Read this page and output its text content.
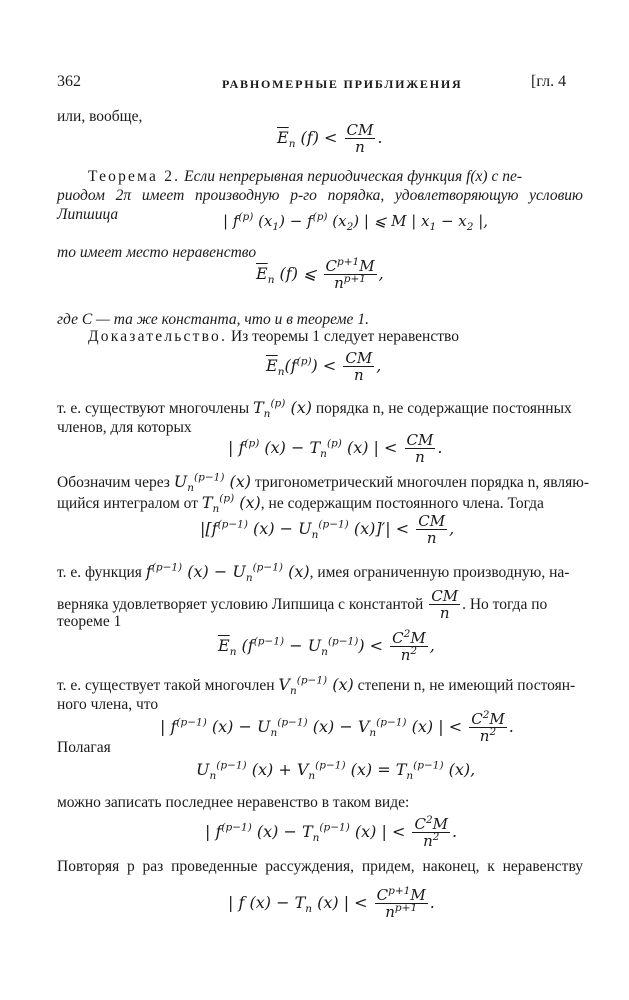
362	РАВНОМЕРНЫЕ ПРИБЛИЖЕНИЯ	[гл. 4
или, вообще,
$\overline{E}_n$ $(f) < \frac{CM}{n}$ .
Теорема 2. Если непрерывная периодическая функция f(x) с пе-
риодом 2π имеет производную p-го порядка, удовлетворяющую условию
Липшица	| $f^{(p)}$ $(x_1) - f^{(p)}$ $(x_2)$ | ⩽ M | $x_1 - x_2$ |,
то имеет место неравенство
$\overline{E}_n$ (f) ⩽ $\frac{C^{p+1}M}{n^{p+1}}$ ,
где C — та же константа, что и в теореме 1.
Доказательство. Из теоремы 1 следует неравенство
$\overline{E}_n(f^{(p)}) < \frac{CM}{n}$ ,
т. е. существуют многочлены $T_n^{(p)}$ (x) порядка n, не содержащие постоянных
членов, для которых
| $f^{(p)}$ $(x) - T_n^{(p)}$ (x) | < $\frac{CM}{n}$ .
Обозначим через $U_n^{(p-1)}$ (x) тригонометрический многочлен порядка n, являю-
щийся интегралом от $T_n^{(p)}$ (x), не содержащим постоянного члена. Тогда
$|[f^{(p-1)}$ $(x) - U_n^{(p-1)}$ $(x)]'| < \frac{CM}{n}$ ,
т. е. функция $f^{(p-1)}$ $(x) - U_n^{(p-1)}$ (x), имея ограниченную производную, на-
верняка удовлетворяет условию Липшица с константой $\frac{CM}{n}$ . Но тогда по
теореме 1
$\overline{E}_n$ $(f^{(p-1)} - U_n^{(p-1)}) < \frac{C^2M}{n^2}$ ,
т. е. существует такой многочлен $V_n^{(p-1)}$ (x) степени n, не имеющий постоян-
ного члена, что
| $f^{(p-1)}$ $(x) - U_n^{(p-1)}$ $(x) - V_n^{(p-1)}$ (x) | < $\frac{C^2M}{n^2}$ .
Полагая
$U_n^{(p-1)}$ $(x) + V_n^{(p-1)}$ $(x) = T_n^{(p-1)}$ (x),
можно записать последнее неравенство в таком виде:
| $f^{(p-1)}$ $(x) - T_n^{(p-1)}$ (x) | < $\frac{C^2M}{n^2}$ .
Повторяя p раз проведенные рассуждения, придем, наконец, к неравенству
| f $(x) - T_n$ (x) | < $\frac{C^{p+1}M}{n^{p+1}}$ .
